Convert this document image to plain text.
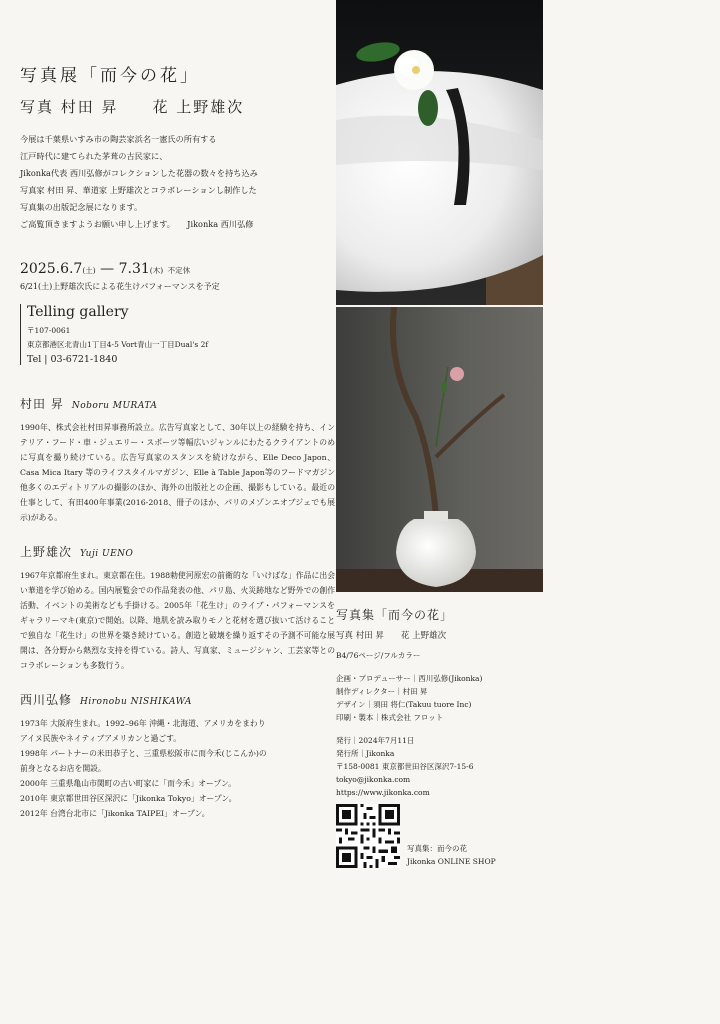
写真展「而今の花」
写真 村田 昇　　花 上野雄次

今展は千葉県いすみ市の陶芸家浜名一憲氏の所有する

江戸時代に建てられた茅葺の古民家に、

Jikonka代表 西川弘修がコレクションした花器の数々を持ち込み

写真家 村田 昇、華道家 上野雄次とコラボレーションし制作した

写真集の出版記念展になります。

ご高覧頂きますようお願い申し上げます。　　Jikonka 西川弘修

2025.6.7(土) — 7.31(木) 不定休
6/21(土)上野雄次氏による花生けパフォーマンスを予定
Telling gallery
〒107-0061
東京都港区北青山1丁目4-5 Vort青山一丁目Dual's 2f
Tel | 03-6721-1840
村田 昇 Noboru MURATA

1990年、株式会社村田昇事務所設立。広告写真家として、30年以上の経験を持ち、インテリア・フード・車・ジュエリー・スポーツ等幅広いジャンルにわたるクライアントのめに写真を撮り続けている。広告写真家のスタンスを続けながら、Elle Deco Japon、Casa Mica Itary 等のライフスタイルマガジン、Elle à Table Japon等のフードマガジン他多くのエディトリアルの撮影のほか、海外の出版社との企画、撮影もしている。最近の仕事として、有田400年事業(2016-2018、冊子のほか、パリのメゾンエオブジェでも展示)がある。

上野雄次 Yuji UENO

1967年京都府生まれ。東京都在住。1988勅使河原宏の前衛的な「いけばな」作品に出会い華道を学び始める。国内展覧会での作品発表の他、パリ島、火災跡地など野外での創作活動、イベントの美術なども手掛ける。2005年「花生け」のライブ・パフォーマンスをギャラリーマキ(東京)で開始。以降、地肌を読み取りモノと花材を選び抜いて活けることで独自な「花生け」の世界を築き続けている。創造と破壊を繰り返すその予測不可能な展開は、各分野から熱烈な支持を得ている。詩人、写真家、ミュージシャン、工芸家等とのコラボレーションも多数行う。

西川弘修 Hironobu NISHIKAWA

1973年 大阪府生まれ。1992–96年 沖縄・北海道、アメリカをまわり

アイヌ民族やネイティブアメリカンと過ごす。

1998年 パートナーの米田恭子と、三重県松阪市に而今禾(じこんか)の

前身となるお店を開設。

2000年 三重県亀山市関町の古い町家に「而今禾」オープン。

2010年 東京都世田谷区深沢に「Jikonka Tokyo」オープン。

2012年 台湾台北市に「Jikonka TAIPEI」オープン。

写真集「而今の花」
写真 村田 昇　　花 上野雄次
B4/76ページ/フルカラー
企画・プロデューサー｜西川弘修(Jikonka)
制作ディレクター｜村田 昇
デザイン｜須田 将仁(Takuu tuore Inc)
印刷・製本｜株式会社 フロット
発行｜2024年7月11日
発行所｜Jikonka
〒158-0081 東京都世田谷区深沢7-15-6
tokyo@jikonka.com
https://www.jikonka.com
写真集：而今の花
Jikonka ONLINE SHOP
